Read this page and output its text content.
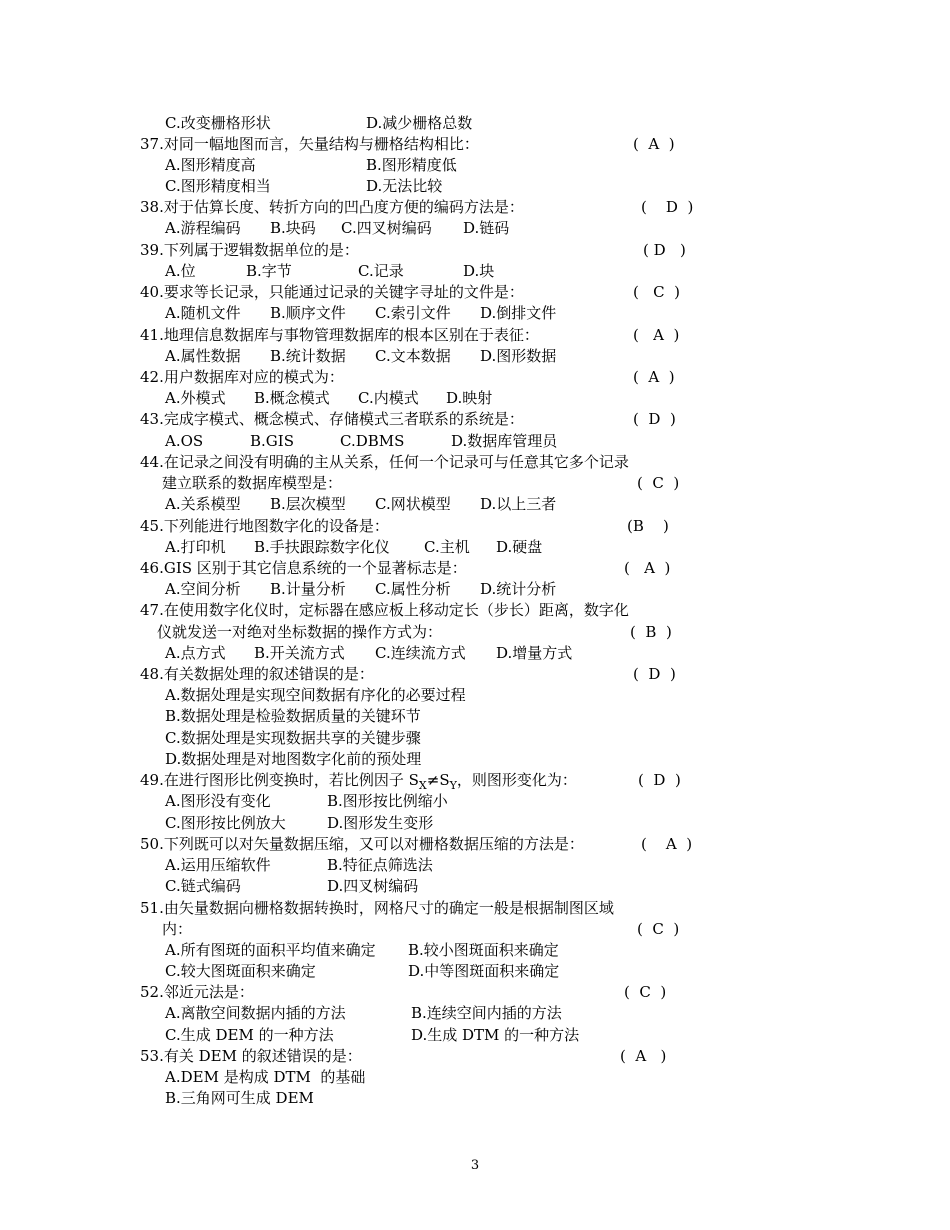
C.改变栅格形状	D.减少栅格总数
37.对同一幅地图而言，矢量结构与栅格结构相比：	(  A  )
A.图形精度高	B.图形精度低
C.图形精度相当	D.无法比较
38.对于估算长度、转折方向的凹凸度方便的编码方法是：	(    D  )
A.游程编码 B.块码 C.四叉树编码 D.链码
39.下列属于逻辑数据单位的是：	( D   )
A.位	B.字节	C.记录	D.块
40.要求等长记录，只能通过记录的关键字寻址的文件是：	(   C  )
A.随机文件 B.顺序文件 C.索引文件 D.倒排文件
41.地理信息数据库与事物管理数据库的根本区别在于表征：	(   A  )
A.属性数据 B.统计数据 C.文本数据 D.图形数据
42.用户数据库对应的模式为：	(  A  )
A.外模式 B.概念模式 C.内模式 D.映射
43.完成字模式、概念模式、存储模式三者联系的系统是：	(  D  )
A.OS	B.GIS	C.DBMS	D.数据库管理员
44.在记录之间没有明确的主从关系，任何一个记录可与任意其它多个记录
建立联系的数据库模型是：	(  C  )
A.关系模型 B.层次模型 C.网状模型 D.以上三者
45.下列能进行地图数字化的设备是：	(B    )
A.打印机 B.手扶跟踪数字化仪 C.主机 D.硬盘
46.GIS 区别于其它信息系统的一个显著标志是：	(   A  )
A.空间分析 B.计量分析 C.属性分析 D.统计分析
47.在使用数字化仪时，定标器在感应板上移动定长（步长）距离，数字化
仪就发送一对绝对坐标数据的操作方式为：	(  B  )
A.点方式 B.开关流方式 C.连续流方式 D.增量方式
48.有关数据处理的叙述错误的是：	(  D  )
A.数据处理是实现空间数据有序化的必要过程
B.数据处理是检验数据质量的关键环节
C.数据处理是实现数据共享的关键步骤
D.数据处理是对地图数字化前的预处理
49.在进行图形比例变换时，若比例因子 $S_X\ne S_Y$，则图形变化为：	(  D  )
A.图形没有变化	B.图形按比例缩小
C.图形按比例放大	D.图形发生变形
50.下列既可以对矢量数据压缩，又可以对栅格数据压缩的方法是：	(    A  )
A.运用压缩软件	B.特征点筛选法
C.链式编码	D.四叉树编码
51.由矢量数据向栅格数据转换时，网格尺寸的确定一般是根据制图区域
内：	(  C  )
A.所有图斑的面积平均值来确定 B.较小图斑面积来确定
C.较大图斑面积来确定	D.中等图斑面积来确定
52.邻近元法是：	(  C  )
A.离散空间数据内插的方法	B.连续空间内插的方法
C.生成 DEM 的一种方法	D.生成 DTM 的一种方法
53.有关 DEM 的叙述错误的是：	(  A   )
A.DEM 是构成 DTM  的基础
B.三角网可生成 DEM
3
